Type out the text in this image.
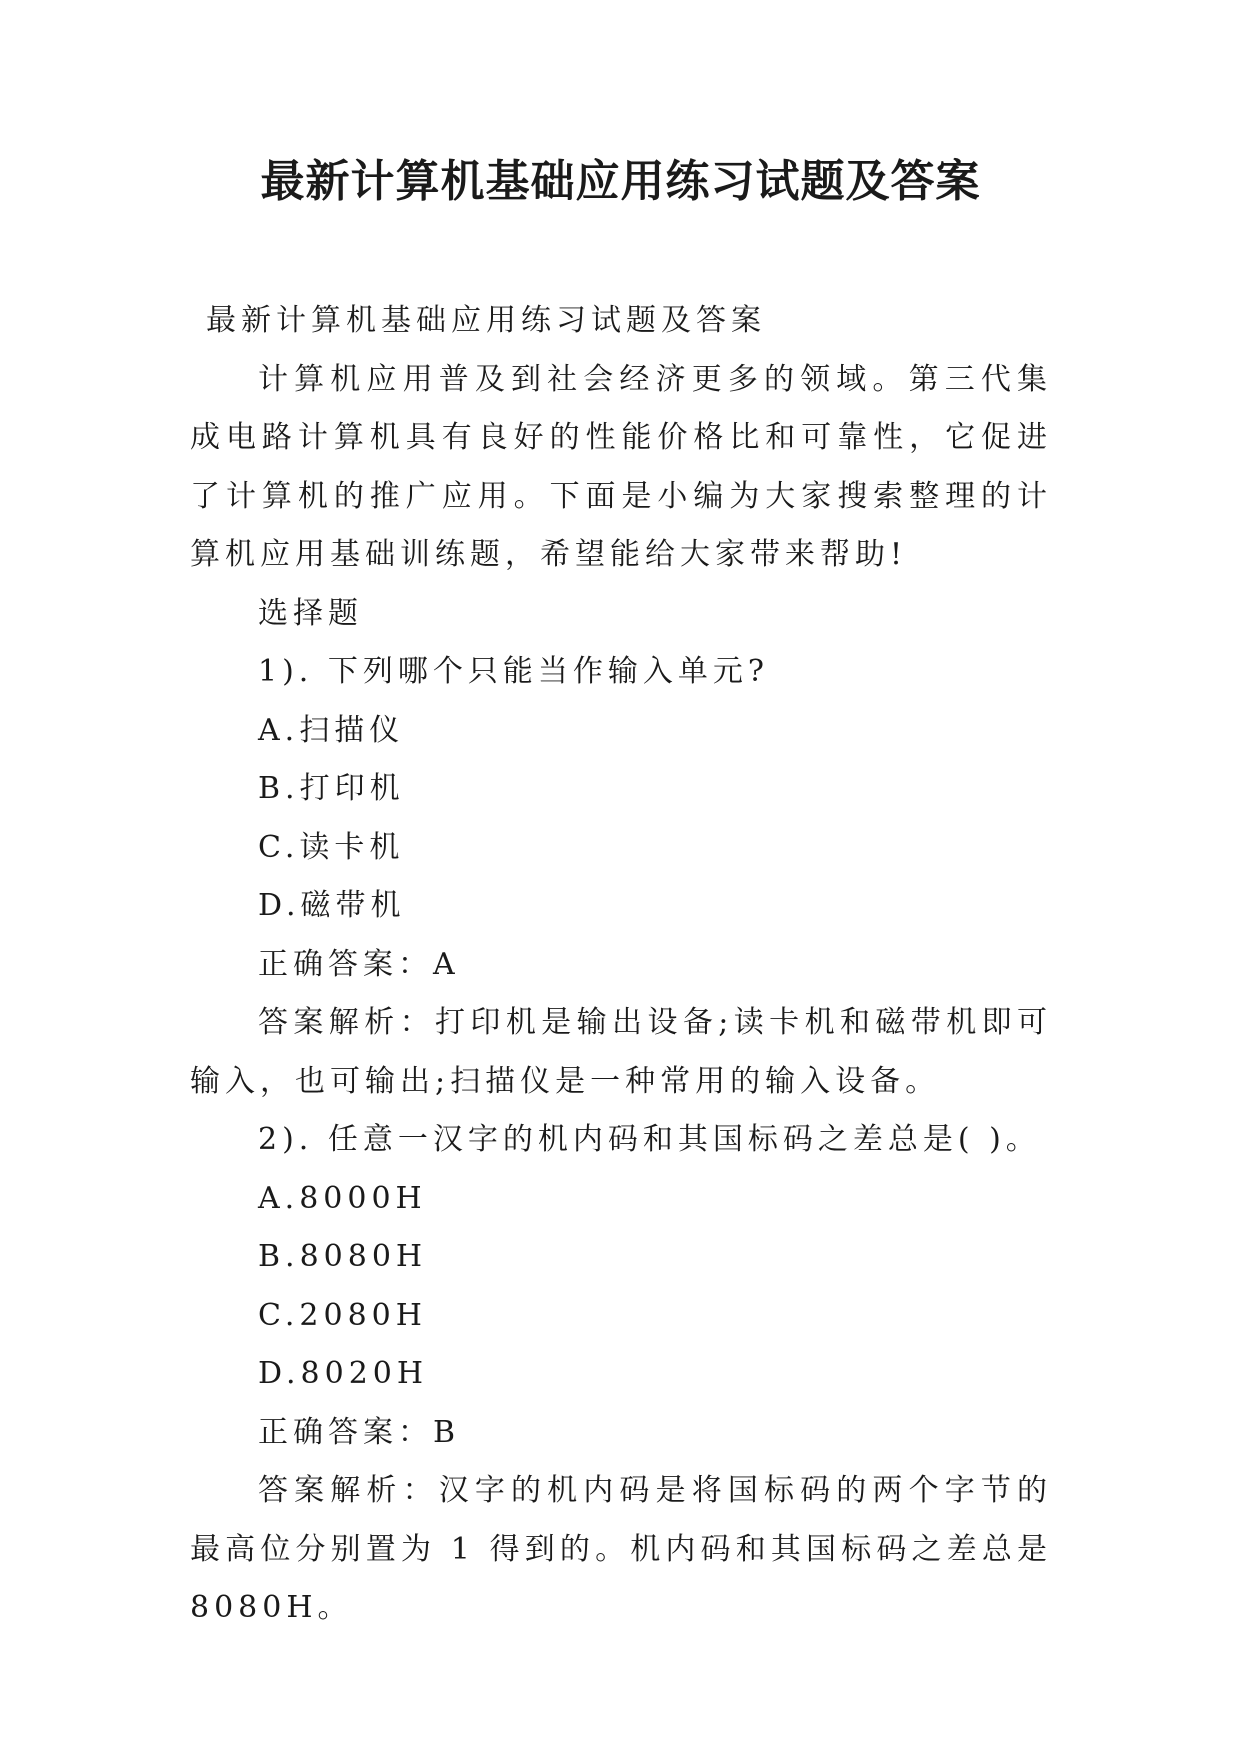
最新计算机基础应用练习试题及答案

最新计算机基础应用练习试题及答案

计算机应用普及到社会经济更多的领域。第三代集成电路计算机具有良好的性能价格比和可靠性，它促进了计算机的推广应用。下面是小编为大家搜索整理的计算机应用基础训练题，希望能给大家带来帮助!

选择题

1). 下列哪个只能当作输入单元?

A.扫描仪

B.打印机

C.读卡机

D.磁带机

正确答案：A

答案解析：打印机是输出设备;读卡机和磁带机即可输入，也可输出;扫描仪是一种常用的输入设备。

2). 任意一汉字的机内码和其国标码之差总是( )。

A.8000H

B.8080H

C.2080H

D.8020H

正确答案：B

答案解析：汉字的机内码是将国标码的两个字节的最高位分别置为 1 得到的。机内码和其国标码之差总是8080H。
